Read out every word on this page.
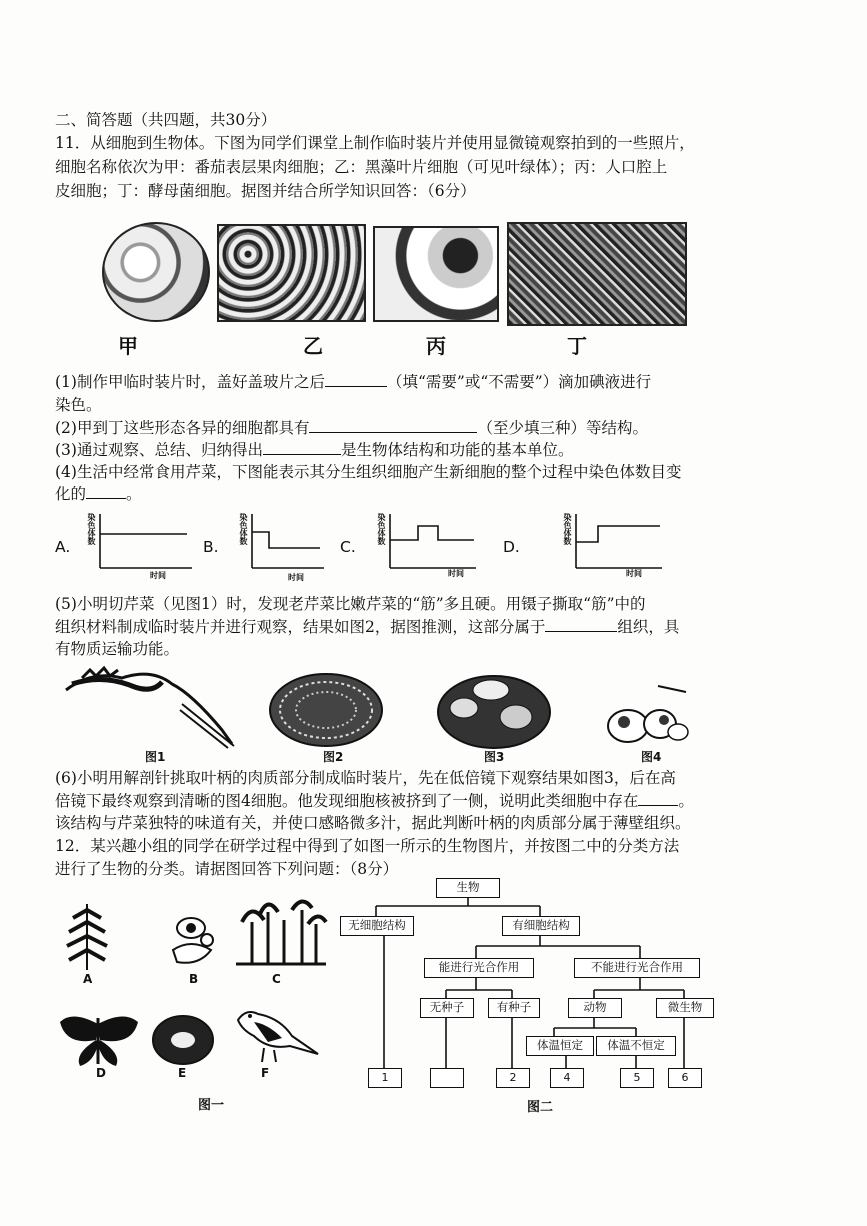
二、简答题（共四题，共30分）
11．从细胞到生物体。下图为同学们课堂上制作临时装片并使用显微镜观察拍到的一些照片，
细胞名称依次为甲：番茄表层果肉细胞；乙：黑藻叶片细胞（可见叶绿体）；丙：人口腔上
皮细胞；丁：酵母菌细胞。据图并结合所学知识回答：（6分）
甲	乙	丙	丁
(1)制作甲临时装片时，盖好盖玻片之后	（填“需要”或“不需要”）滴加碘液进行
染色。
(2)甲到丁这些形态各异的细胞都具有	（至少填三种）等结构。
(3)通过观察、总结、归纳得出	是生物体结构和功能的基本单位。
(4)生活中经常食用芹菜，下图能表示其分生组织细胞产生新细胞的整个过程中染色体数目变
化的	。
A.	B.	C.	D.
染色体数	染色体数	染色体数	染色体数
时间	时间	时间	时间
(5)小明切芹菜（见图1）时，发现老芹菜比嫩芹菜的“筋”多且硬。用镊子撕取“筋”中的
组织材料制成临时装片并进行观察，结果如图2，据图推测，这部分属于	组织，具
有物质运输功能。
图1	图2	图3	图4
(6)小明用解剖针挑取叶柄的肉质部分制成临时装片，先在低倍镜下观察结果如图3，后在高
倍镜下最终观察到清晰的图4细胞。他发现细胞核被挤到了一侧，说明此类细胞中存在	。
该结构与芹菜独特的味道有关，并使口感略微多汁，据此判断叶柄的肉质部分属于薄壁组织。
12．某兴趣小组的同学在研学过程中得到了如图一所示的生物图片，并按图二中的分类方法
进行了生物的分类。请据图回答下列问题：（8分）
A	B	C
D	E	F
图一
生物
无细胞结构	有细胞结构
能进行光合作用	不能进行光合作用
无种子	有种子	动物	微生物
体温恒定	体温不恒定
1	2	4	5	6
图二
